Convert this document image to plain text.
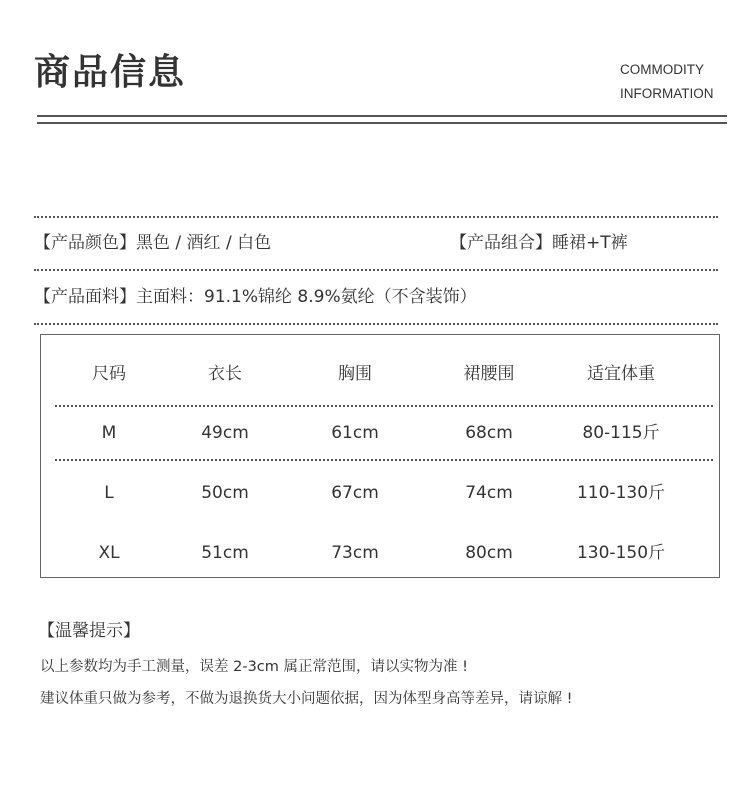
商品信息	COMMODITY
INFORMATION
【产品颜色】黑色 / 酒红 / 白色	【产品组合】睡裙+T裤
【产品面料】主面料：91.1%锦纶 8.9%氨纶（不含装饰）
尺码	衣长	胸围	裙腰围	适宜体重
M	49cm	61cm	68cm	80-115斤
L	50cm	67cm	74cm	110-130斤
XL	51cm	73cm	80cm	130-150斤
【温馨提示】
以上参数均为手工测量，误差 2-3cm 属正常范围，请以实物为准 !
建议体重只做为参考，不做为退换货大小问题依据，因为体型身高等差异，请谅解 !
